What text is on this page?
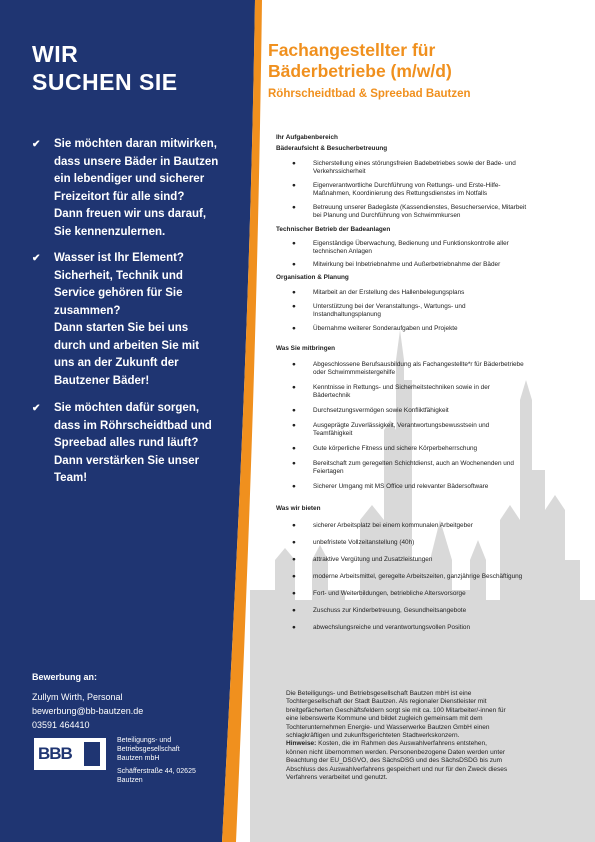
WIR
SUCHEN SIE
✔ Sie möchten daran mitwirken,
dass unsere Bäder in Bautzen
ein lebendiger und sicherer
Freizeitort für alle sind?
Dann freuen wir uns darauf,
Sie kennenzulernen.
✔ Wasser ist Ihr Element?
Sicherheit, Technik und
Service gehören für Sie
zusammen?
Dann starten Sie bei uns
durch und arbeiten Sie mit
uns an der Zukunft der
Bautzener Bäder!
✔ Sie möchten dafür sorgen,
dass im Röhrscheidtbad und
Spreebad alles rund läuft?
Dann verstärken Sie unser
Team!
Bewerbung an:
Zullym Wirth, Personal
bewerbung@bb-bautzen.de
03591 464410
BBB
Beteiligungs- und
Betriebsgesellschaft
Bautzen mbH
Schäfferstraße 44, 02625
Bautzen
Fachangestellter für
Bäderbetriebe (m/w/d)
Röhrscheidtbad & Spreebad Bautzen
Ihr Aufgabenbereich
Bäderaufsicht & Besucherbetreuung
●	Sicherstellung eines störungsfreien Badebetriebes sowie der Bade- und
Verkehrssicherheit
●	Eigenverantwortliche Durchführung von Rettungs- und Erste-Hilfe-
Maßnahmen, Koordinierung des Rettungsdienstes im Notfalls
●	Betreuung unserer Badegäste (Kassendienstes, Besucherservice, Mitarbeit
bei Planung und Durchführung von Schwimmkursen
Technischer Betrieb der Badeanlagen
●	Eigenständige Überwachung, Bedienung und Funktionskontrolle aller
technischen Anlagen
●	Mitwirkung bei Inbetriebnahme und Außerbetriebnahme der Bäder
Organisation & Planung
●	Mitarbeit an der Erstellung des Hallenbelegungsplans
●	Unterstützung bei der Veranstaltungs-, Wartungs- und
Instandhaltungsplanung
●	Übernahme weiterer Sonderaufgaben und Projekte
Was Sie mitbringen
●	Abgeschlossene Berufsausbildung als Fachangestellte*r für Bäderbetriebe
oder Schwimmmeistergehilfe
●	Kenntnisse in Rettungs- und Sicherheitstechniken sowie in der
Bädertechnik
●	Durchsetzungsvermögen sowie Konfliktfähigkeit
●	Ausgeprägte Zuverlässigkeit, Verantwortungsbewusstsein und
Teamfähigkeit
●	Gute körperliche Fitness und sichere Körperbeherrschung
●	Bereitschaft zum geregelten Schichtdienst, auch an Wochenenden und
Feiertagen
●	Sicherer Umgang mit MS Office und relevanter Bädersoftware
Was wir bieten
●	sicherer Arbeitsplatz bei einem kommunalen Arbeitgeber
●	unbefristete Vollzeitanstellung (40h)
●	attraktive Vergütung und Zusatzleistungen
●	moderne Arbeitsmittel, geregelte Arbeitszeiten, ganzjährige Beschäftigung
●	Fort- und Weiterbildungen, betriebliche Altersvorsorge
●	Zuschuss zur Kinderbetreuung, Gesundheitsangebote
●	abwechslungsreiche und verantwortungsvollen Position
Die Beteiligungs- und Betriebsgesellschaft Bautzen mbH ist eine
Tochtergesellschaft der Stadt Bautzen. Als regionaler Dienstleister mit
breitgefächerten Geschäftsfeldern sorgt sie mit ca. 100 Mitarbeiter/-innen für
eine lebenswerte Kommune und bildet zugleich gemeinsam mit dem
Tochterunternehmen Energie- und Wasserwerke Bautzen GmbH einen
schlagkräftigen und zukunftsgerichteten Stadtwerkskonzern.
Hinweise: Kosten, die im Rahmen des Auswahlverfahrens entstehen,
können nicht übernommen werden. Personenbezogene Daten werden unter
Beachtung der EU_DSGVO, des SächsDSG und des SächsDSDG bis zum
Abschluss des Auswahlverfahrens gespeichert und nur für den Zweck dieses
Verfahrens verarbeitet und genutzt.
